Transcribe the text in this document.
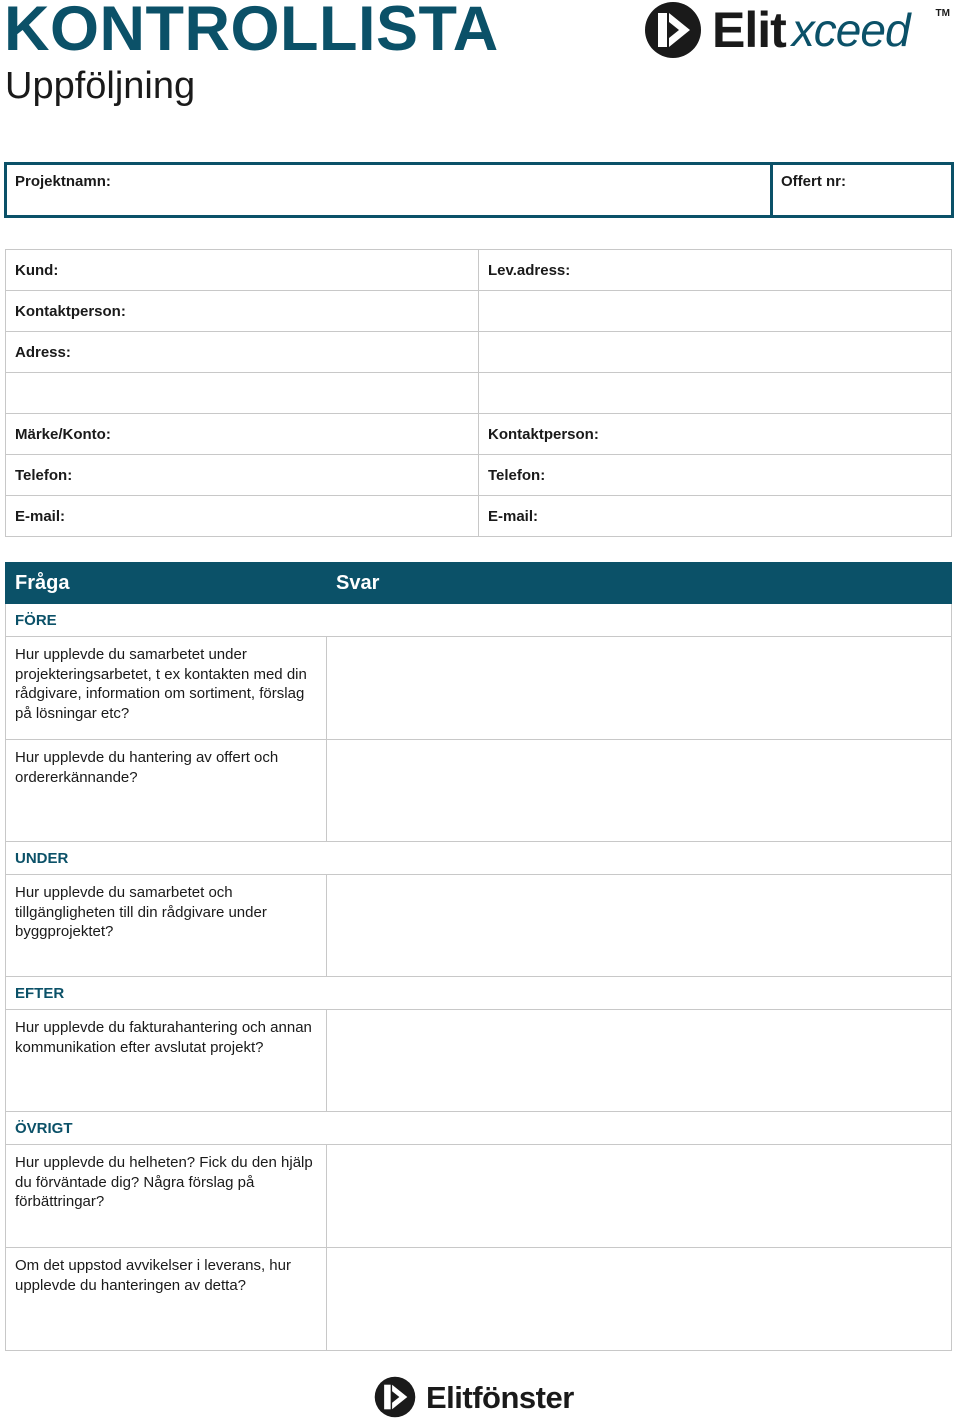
KONTROLLISTA
Uppföljning
Elit xceed	TM
Projektnamn:	Offert nr:
Kund:	Lev.adress:
Kontaktperson:	
Adress:	

Märke/Konto:	Kontaktperson:
Telefon:	Telefon:
E-mail:	E-mail:
Fråga	Svar
FÖRE	
Hur upplevde du samarbetet under projekteringsarbetet, t ex kontakten med din rådgivare, information om sortiment, förslag på lösningar etc?	
Hur upplevde du hantering av offert och ordererkännande?	
UNDER	
Hur upplevde du samarbetet och tillgängligheten till din rådgivare under byggprojektet?	
EFTER	
Hur upplevde du fakturahantering och annan kommunikation efter avslutat projekt?	
ÖVRIGT	
Hur upplevde du helheten? Fick du den hjälp du förväntade dig? Några förslag på förbättringar?	
Om det uppstod avvikelser i leverans, hur upplevde du hanteringen av detta?	
Elitfönster
